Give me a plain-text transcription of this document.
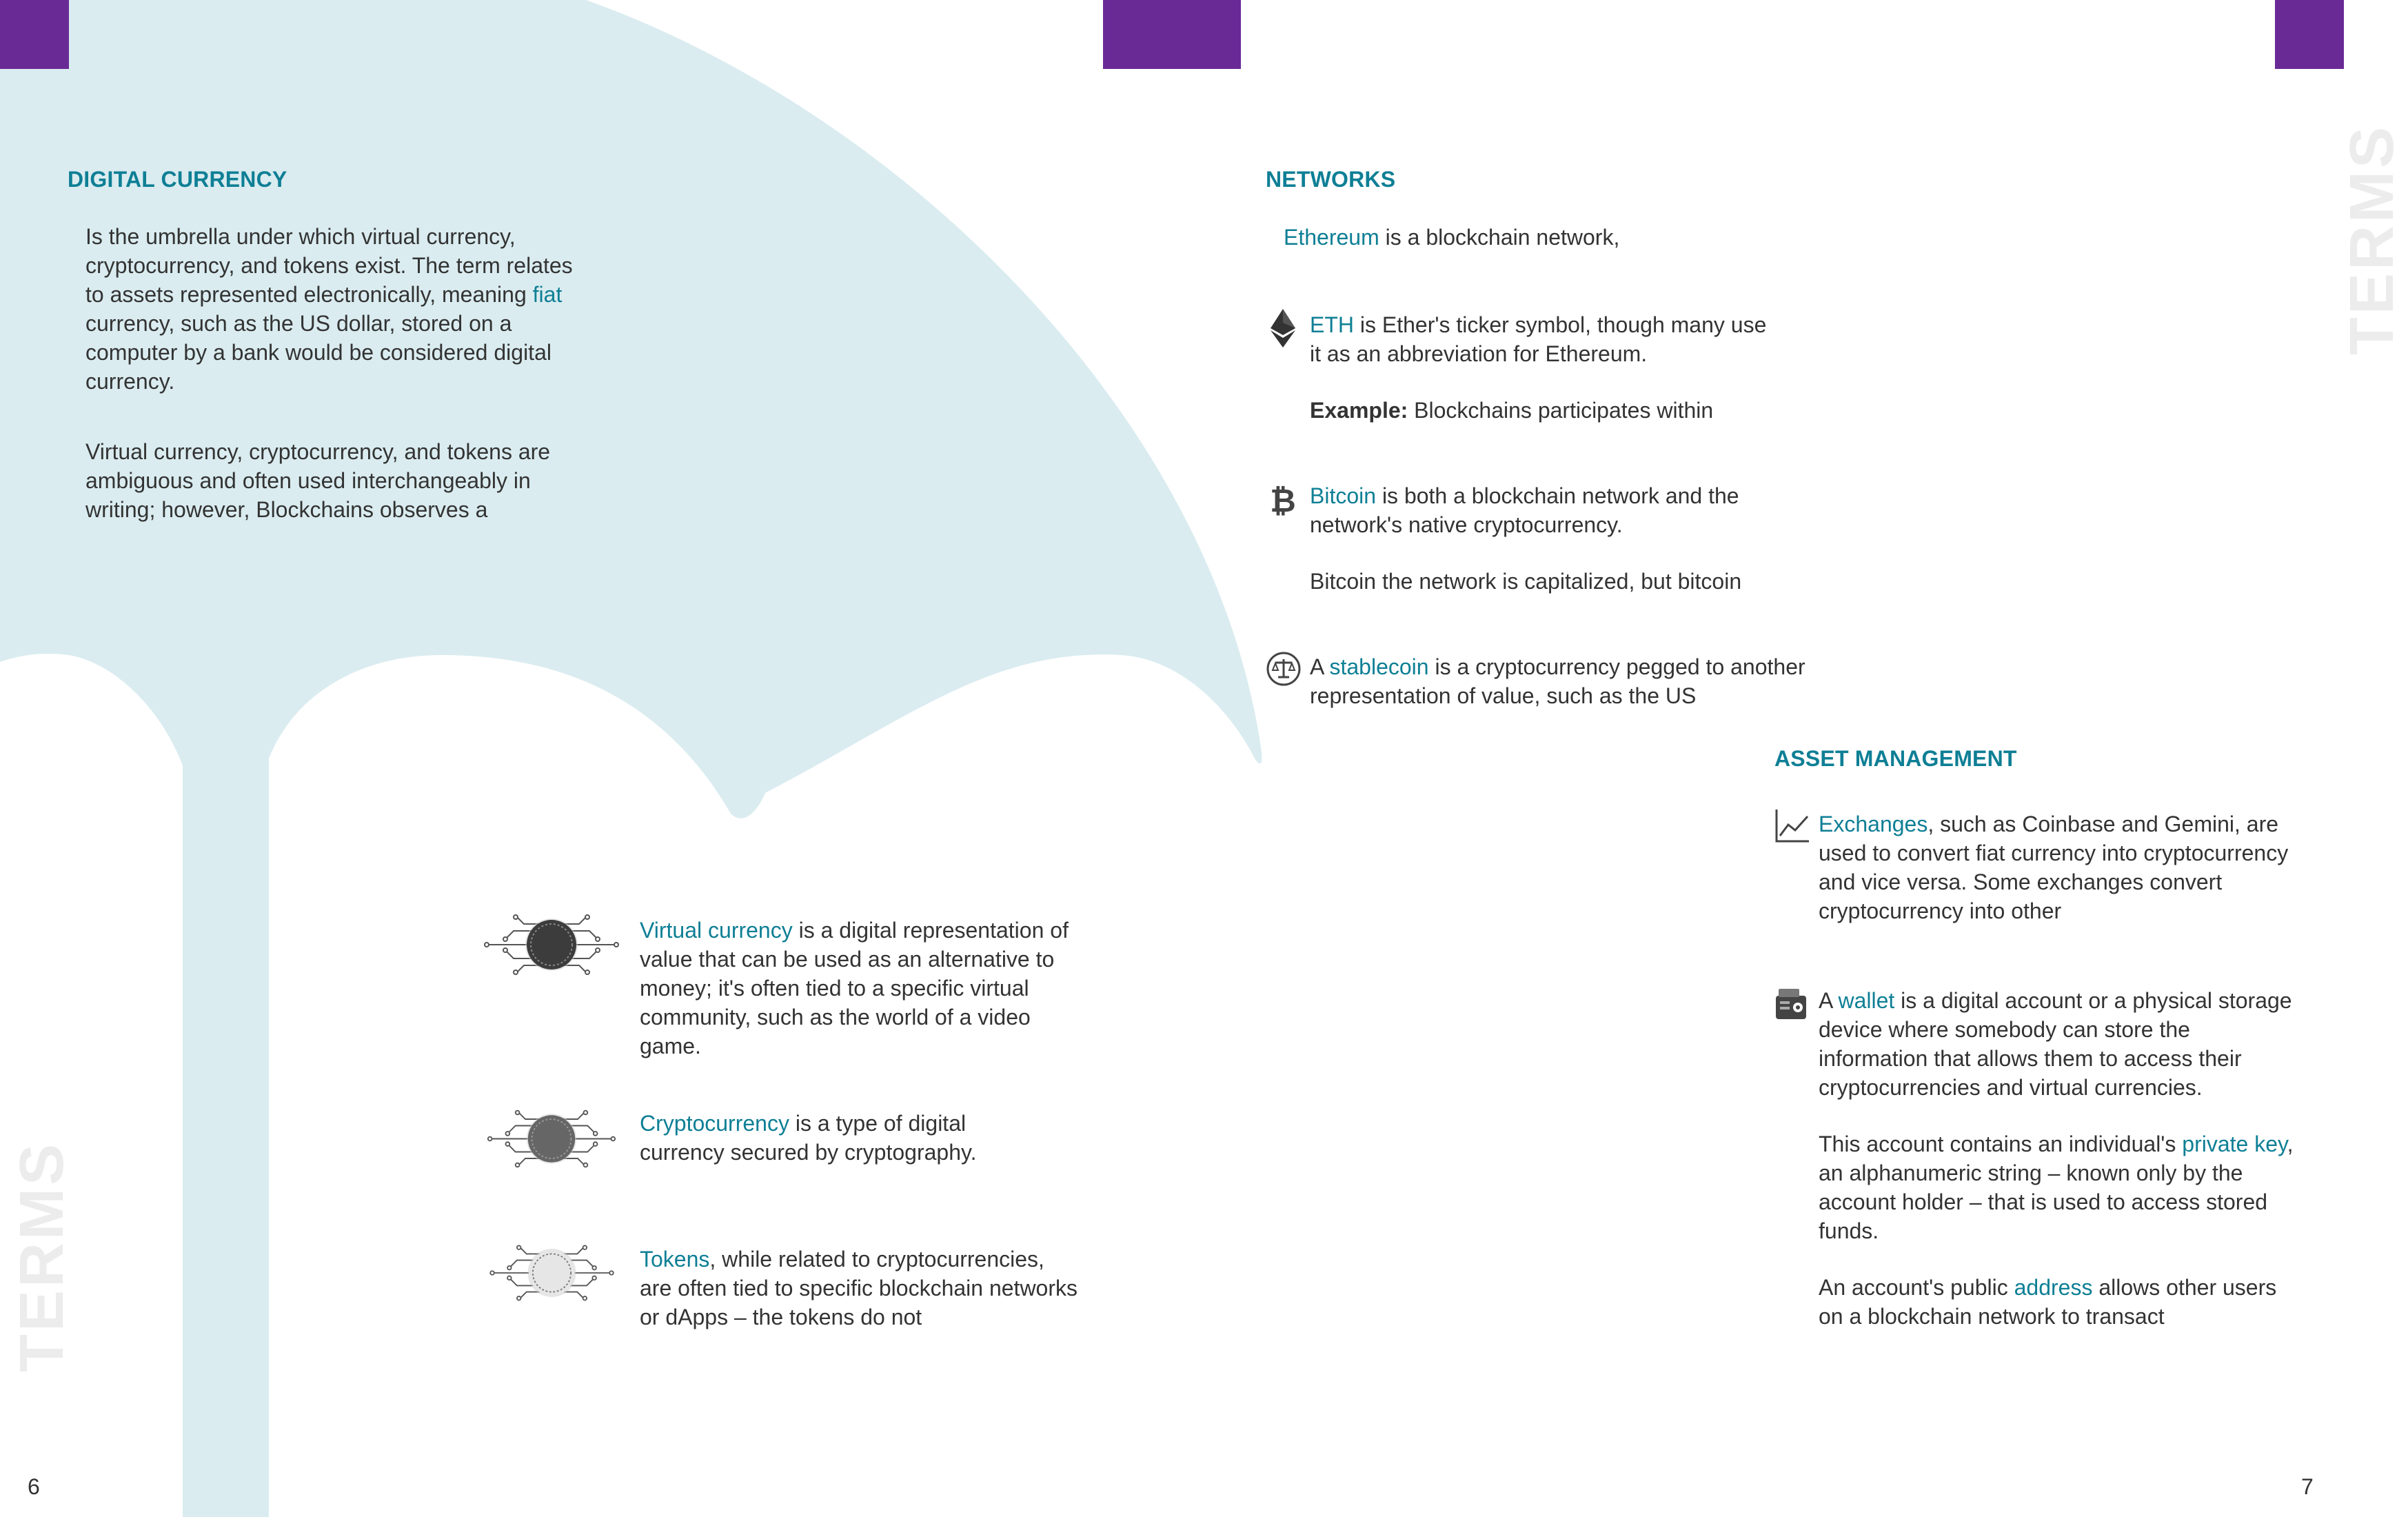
DIGITAL CURRENCY

Is the umbrella under which virtual currency, cryptocurrency, and tokens exist. The term relates to assets represented electronically, meaning fiat currency, such as the US dollar, stored on a computer by a bank would be considered digital currency.

Virtual currency, cryptocurrency, and tokens are ambiguous and often used interchangeably in writing; however, Blockchains observes a

Virtual currency is a digital representation of value that can be used as an alternative to money; it's often tied to a specific virtual community, such as the world of a video game.
Cryptocurrency is a type of digital currency secured by cryptography.
Tokens, while related to cryptocurrencies, are often tied to specific blockchain networks or dApps – the tokens do not
TERMS
6
NETWORKS
Ethereum is a blockchain network,

ETH is Ether's ticker symbol, though many use it as an abbreviation for Ethereum.

Example: Blockchains participates within

₿ Bitcoin is both a blockchain network and the network's native cryptocurrency.

Bitcoin the network is capitalized, but bitcoin

A stablecoin is a cryptocurrency pegged to another representation of value, such as the US
ASSET MANAGEMENT
Exchanges, such as Coinbase and Gemini, are used to convert fiat currency into cryptocurrency and vice versa. Some exchanges convert cryptocurrency into other

A wallet is a digital account or a physical storage device where somebody can store the information that allows them to access their cryptocurrencies and virtual currencies.

This account contains an individual's private key, an alphanumeric string – known only by the account holder – that is used to access stored funds.

An account's public address allows other users on a blockchain network to transact

TERMS
7
